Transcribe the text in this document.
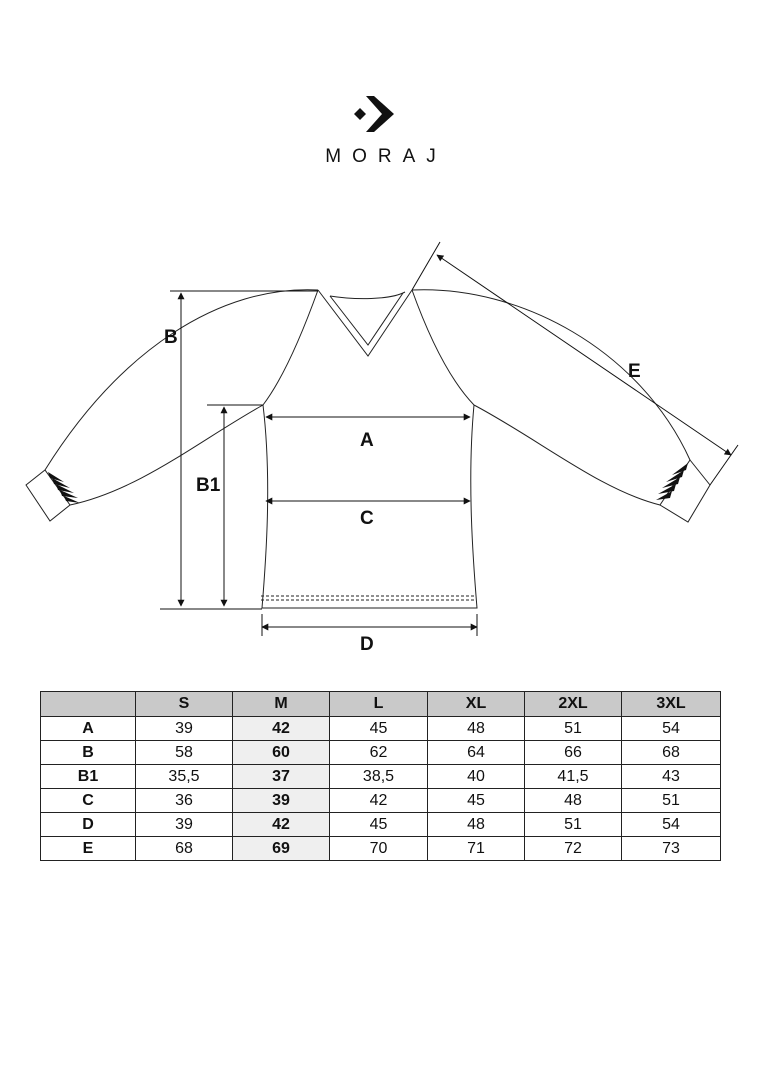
MORAJ
B
B1
A
C
D
E
	S	M	L	XL	2XL	3XL
A	39	42	45	48	51	54
B	58	60	62	64	66	68
B1	35,5	37	38,5	40	41,5	43
C	36	39	42	45	48	51
D	39	42	45	48	51	54
E	68	69	70	71	72	73
